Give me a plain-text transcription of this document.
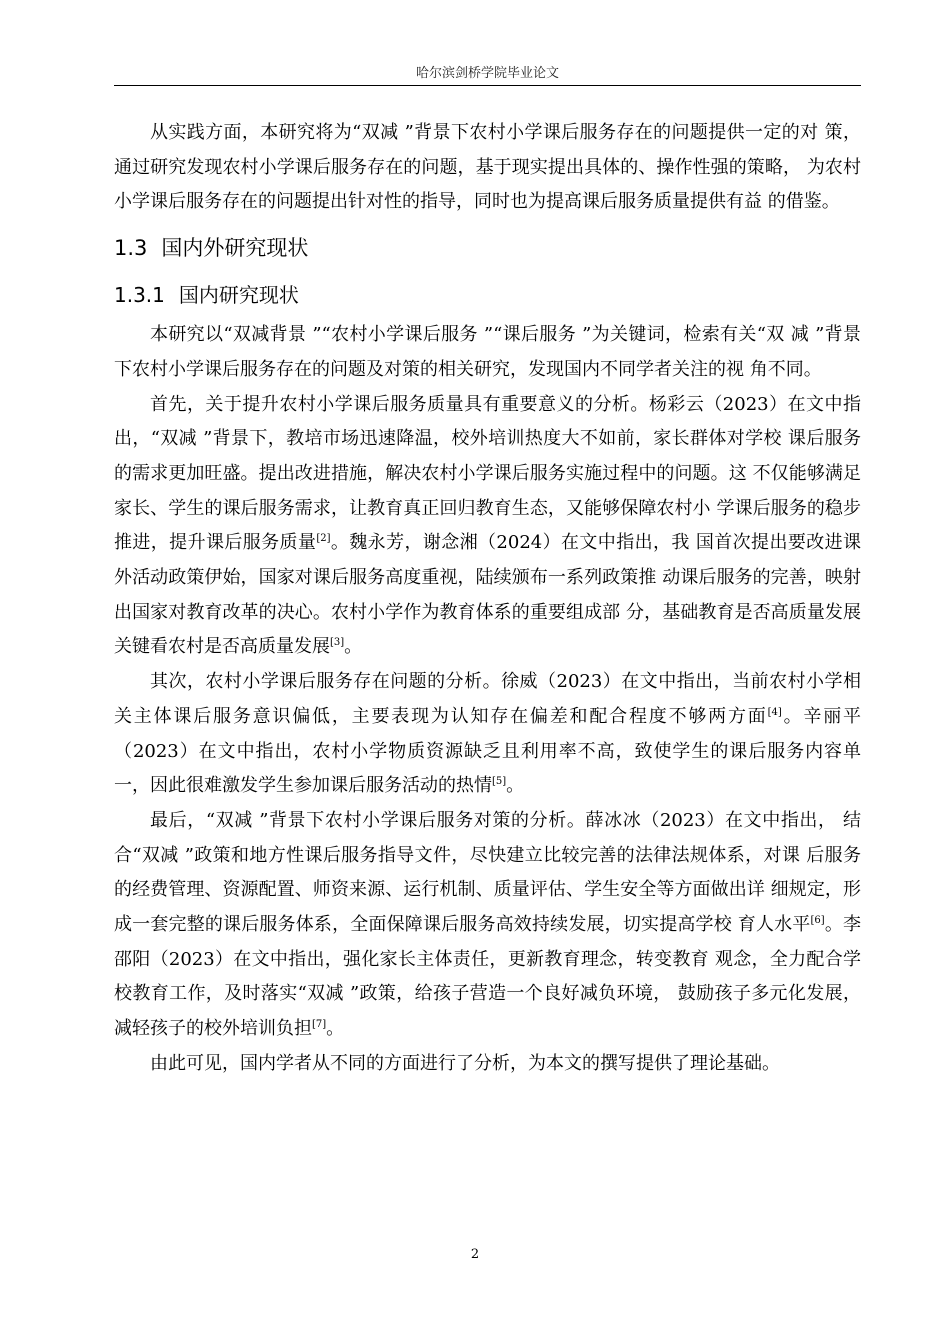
哈尔滨剑桥学院毕业论文

从实践方面，本研究将为“双减 ”背景下农村小学课后服务存在的问题提供一定的对 策，通过研究发现农村小学课后服务存在的问题，基于现实提出具体的、操作性强的策略， 为农村小学课后服务存在的问题提出针对性的指导，同时也为提高课后服务质量提供有益 的借鉴。

1.3 国内外研究现状
1.3.1 国内研究现状

本研究以“双减背景 ”“农村小学课后服务 ”“课后服务 ”为关键词，检索有关“双 减 ”背景下农村小学课后服务存在的问题及对策的相关研究，发现国内不同学者关注的视 角不同。

首先，关于提升农村小学课后服务质量具有重要意义的分析。杨彩云（2023）在文中指出，“双减 ”背景下，教培市场迅速降温，校外培训热度大不如前，家长群体对学校 课后服务的需求更加旺盛。提出改进措施，解决农村小学课后服务实施过程中的问题。这 不仅能够满足家长、学生的课后服务需求，让教育真正回归教育生态，又能够保障农村小 学课后服务的稳步推进，提升课后服务质量[2]。魏永芳，谢念湘（2024）在文中指出，我 国首次提出要改进课外活动政策伊始，国家对课后服务高度重视，陆续颁布一系列政策推 动课后服务的完善，映射出国家对教育改革的决心。农村小学作为教育体系的重要组成部 分，基础教育是否高质量发展关键看农村是否高质量发展[3]。

其次，农村小学课后服务存在问题的分析。徐威（2023）在文中指出，当前农村小学相关主体课后服务意识偏低，主要表现为认知存在偏差和配合程度不够两方面[4]。辛丽平 （2023）在文中指出，农村小学物质资源缺乏且利用率不高，致使学生的课后服务内容单 一，因此很难激发学生参加课后服务活动的热情[5]。

最后，“双减 ”背景下农村小学课后服务对策的分析。薛冰冰（2023）在文中指出， 结合“双减 ”政策和地方性课后服务指导文件，尽快建立比较完善的法律法规体系，对课 后服务的经费管理、资源配置、师资来源、运行机制、质量评估、学生安全等方面做出详 细规定，形成一套完整的课后服务体系，全面保障课后服务高效持续发展，切实提高学校 育人水平[6]。李邵阳（2023）在文中指出，强化家长主体责任，更新教育理念，转变教育 观念，全力配合学校教育工作，及时落实“双减 ”政策，给孩子营造一个良好减负环境， 鼓励孩子多元化发展，减轻孩子的校外培训负担[7]。

由此可见，国内学者从不同的方面进行了分析，为本文的撰写提供了理论基础。

2
